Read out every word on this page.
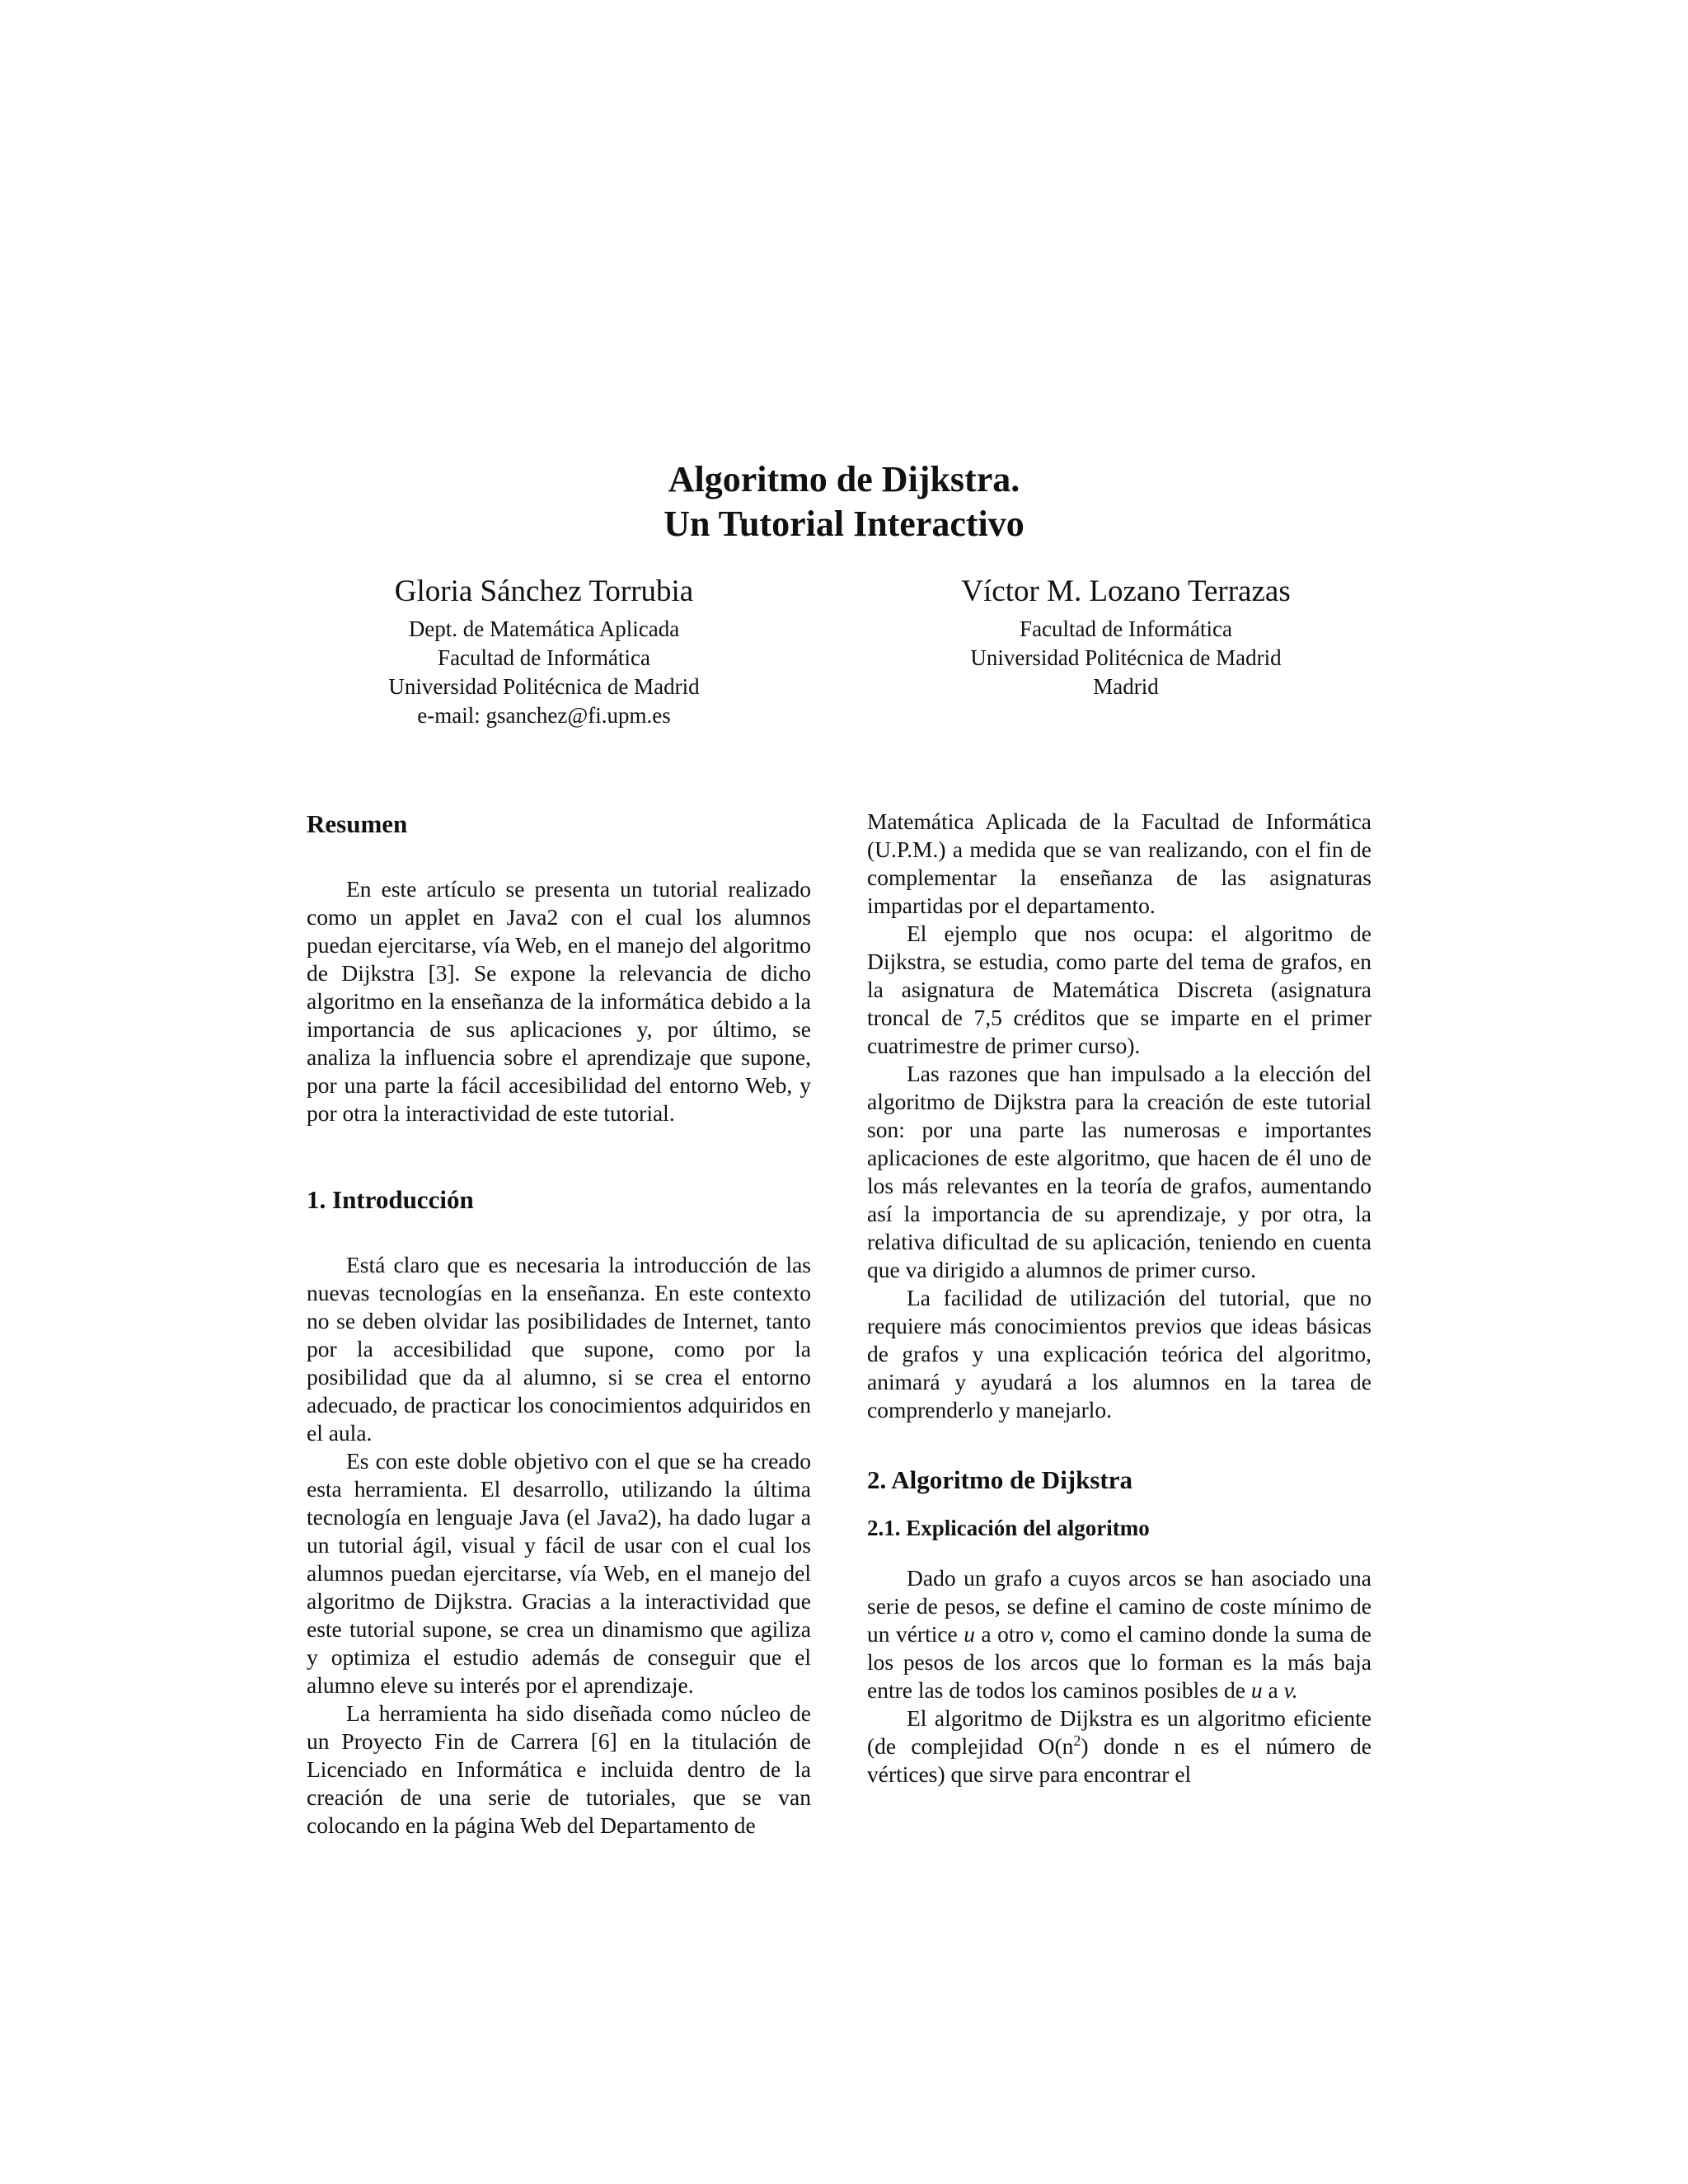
Algoritmo de Dijkstra.

Un Tutorial Interactivo

Gloria Sánchez Torrubia

Dept. de Matemática Aplicada

Facultad de Informática

Universidad Politécnica de Madrid

e-mail: gsanchez@fi.upm.es

Víctor M. Lozano Terrazas

Facultad de Informática

Universidad Politécnica de Madrid

Madrid

Resumen

En este artículo se presenta un tutorial realizado como un applet en Java2 con el cual los alumnos puedan ejercitarse, vía Web, en el manejo del algoritmo de Dijkstra [3]. Se expone la relevancia de dicho algoritmo en la enseñanza de la informática debido a la importancia de sus aplicaciones y, por último, se analiza la influencia sobre el aprendizaje que supone, por una parte la fácil accesibilidad del entorno Web, y por otra la interactividad de este tutorial.

1. Introducción

Está claro que es necesaria la introducción de las nuevas tecnologías en la enseñanza. En este contexto no se deben olvidar las posibilidades de Internet, tanto por la accesibilidad que supone, como por la posibilidad que da al alumno, si se crea el entorno adecuado, de practicar los conocimientos adquiridos en el aula.

Es con este doble objetivo con el que se ha creado esta herramienta. El desarrollo, utilizando la última tecnología en lenguaje Java (el Java2), ha dado lugar a un tutorial ágil, visual y fácil de usar con el cual los alumnos puedan ejercitarse, vía Web, en el manejo del algoritmo de Dijkstra. Gracias a la interactividad que este tutorial supone, se crea un dinamismo que agiliza y optimiza el estudio además de conseguir que el alumno eleve su interés por el aprendizaje.

La herramienta ha sido diseñada como núcleo de un Proyecto Fin de Carrera [6] en la titulación de Licenciado en Informática e incluida dentro de la creación de una serie de tutoriales, que se van colocando en la página Web del Departamento de

Matemática Aplicada de la Facultad de Informática (U.P.M.) a medida que se van realizando, con el fin de complementar la enseñanza de las asignaturas impartidas por el departamento.

El ejemplo que nos ocupa: el algoritmo de Dijkstra, se estudia, como parte del tema de grafos, en la asignatura de Matemática Discreta (asignatura troncal de 7,5 créditos que se imparte en el primer cuatrimestre de primer curso).

Las razones que han impulsado a la elección del algoritmo de Dijkstra para la creación de este tutorial son: por una parte las numerosas e importantes aplicaciones de este algoritmo, que hacen de él uno de los más relevantes en la teoría de grafos, aumentando así la importancia de su aprendizaje, y por otra, la relativa dificultad de su aplicación, teniendo en cuenta que va dirigido a alumnos de primer curso.

La facilidad de utilización del tutorial, que no requiere más conocimientos previos que ideas básicas de grafos y una explicación teórica del algoritmo, animará y ayudará a los alumnos en la tarea de comprenderlo y manejarlo.

2. Algoritmo de Dijkstra
2.1. Explicación del algoritmo

Dado un grafo a cuyos arcos se han asociado una serie de pesos, se define el camino de coste mínimo de un vértice u a otro v, como el camino donde la suma de los pesos de los arcos que lo forman es la más baja entre las de todos los caminos posibles de u a v.

El algoritmo de Dijkstra es un algoritmo eficiente (de complejidad $O(n^2)$ donde n es el número de vértices) que sirve para encontrar el
